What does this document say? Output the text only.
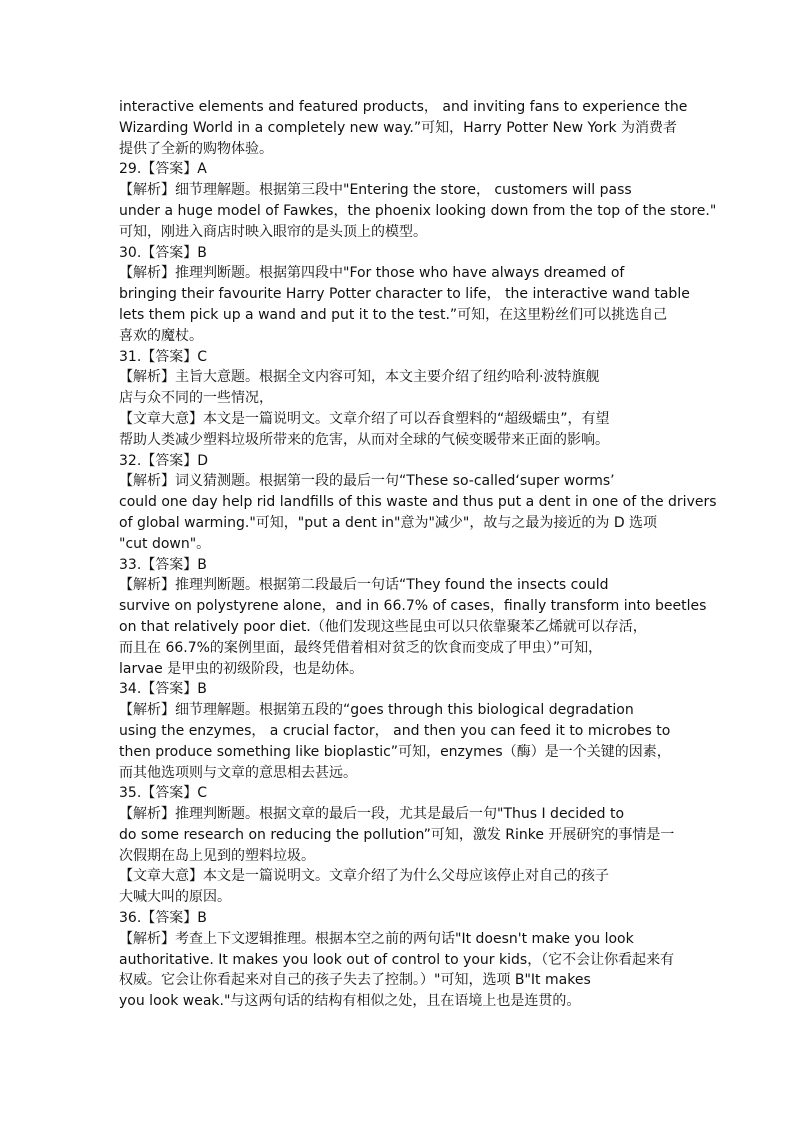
interactive elements and featured products， and inviting fans to experience the
Wizarding World in a completely new way.”可知，Harry Potter New York 为消费者
提供了全新的购物体验。
29.【答案】A
【解析】细节理解题。根据第三段中"Entering the store， customers will pass
under a huge model of Fawkes，the phoenix looking down from the top of the store."
可知，刚进入商店时映入眼帘的是头顶上的模型。
30.【答案】B
【解析】推理判断题。根据第四段中"For those who have always dreamed of
bringing their favourite Harry Potter character to life， the interactive wand table
lets them pick up a wand and put it to the test.”可知，在这里粉丝们可以挑选自己
喜欢的魔杖。
31.【答案】C
【解析】主旨大意题。根据全文内容可知，本文主要介绍了纽约哈利·波特旗舰
店与众不同的一些情况，
【文章大意】本文是一篇说明文。文章介绍了可以吞食塑料的“超级蠕虫”，有望
帮助人类减少塑料垃圾所带来的危害，从而对全球的气候变暖带来正面的影响。
32.【答案】D
【解析】词义猜测题。根据第一段的最后一句“These so-called‘super worms’
could one day help rid landfills of this waste and thus put a dent in one of the drivers
of global warming."可知，"put a dent in"意为"减少"，故与之最为接近的为 D 选项
"cut down"。
33.【答案】B
【解析】推理判断题。根据第二段最后一句话“They found the insects could
survive on polystyrene alone，and in 66.7% of cases，finally transform into beetles
on that relatively poor diet.（他们发现这些昆虫可以只依靠聚苯乙烯就可以存活，
而且在 66.7%的案例里面，最终凭借着相对贫乏的饮食而变成了甲虫）”可知，
larvae 是甲虫的初级阶段，也是幼体。
34.【答案】B
【解析】细节理解题。根据第五段的“goes through this biological degradation
using the enzymes， a crucial factor， and then you can feed it to microbes to
then produce something like bioplastic”可知，enzymes（酶）是一个关键的因素，
而其他选项则与文章的意思相去甚远。
35.【答案】C
【解析】推理判断题。根据文章的最后一段，尤其是最后一句"Thus I decided to
do some research on reducing the pollution”可知，激发 Rinke 开展研究的事情是一
次假期在岛上见到的塑料垃圾。
【文章大意】本文是一篇说明文。文章介绍了为什么父母应该停止对自己的孩子
大喊大叫的原因。
36.【答案】B
【解析】考查上下文逻辑推理。根据本空之前的两句话"It doesn't make you look
authoritative. It makes you look out of control to your kids，（它不会让你看起来有
权威。它会让你看起来对自己的孩子失去了控制。）"可知，选项 B"It makes
you look weak."与这两句话的结构有相似之处，且在语境上也是连贯的。
